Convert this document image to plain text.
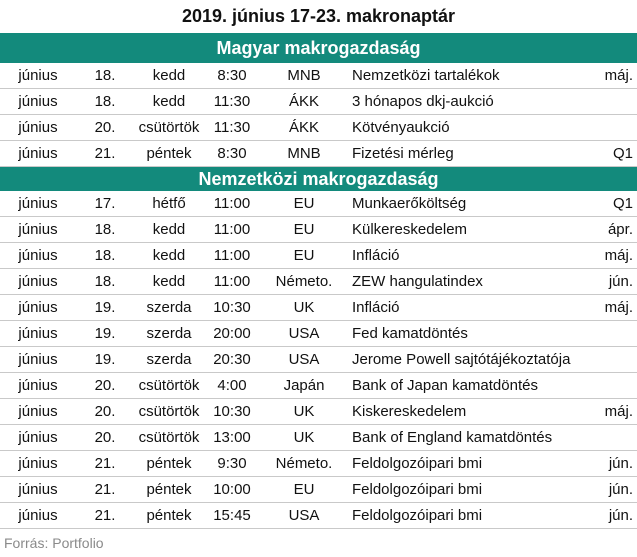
2019. június 17-23. makronaptár
Magyar makrogazdaság
június	18.	kedd	8:30	MNB	Nemzetközi tartalékok	máj.
június	18.	kedd	11:30	ÁKK	3 hónapos dkj-aukció
június	20.	csütörtök 11:30	ÁKK	Kötvényaukció
június	21.	péntek	8:30	MNB	Fizetési mérleg	Q1
Nemzetközi makrogazdaság
június	17.	hétfő	11:00	EU	Munkaerőköltség	Q1
június	18.	kedd	11:00	EU	Külkereskedelem	ápr.
június	18.	kedd	11:00	EU	Infláció	máj.
június	18.	kedd	11:00	Németo.	ZEW hangulatindex	jún.
június	19.	szerda	10:30	UK	Infláció	máj.
június	19.	szerda	20:00	USA	Fed kamatdöntés
június	19.	szerda	20:30	USA	Jerome Powell sajtótájékoztatója
június	20.	csütörtök	4:00	Japán	Bank of Japan kamatdöntés
június	20.	csütörtök 10:30	UK	Kiskereskedelem	máj.
június	20.	csütörtök 13:00	UK	Bank of England kamatdöntés
június	21.	péntek	9:30	Németo.	Feldolgozóipari bmi	jún.
június	21.	péntek	10:00	EU	Feldolgozóipari bmi	jún.
június	21.	péntek	15:45	USA	Feldolgozóipari bmi	jún.
Forrás: Portfolio
